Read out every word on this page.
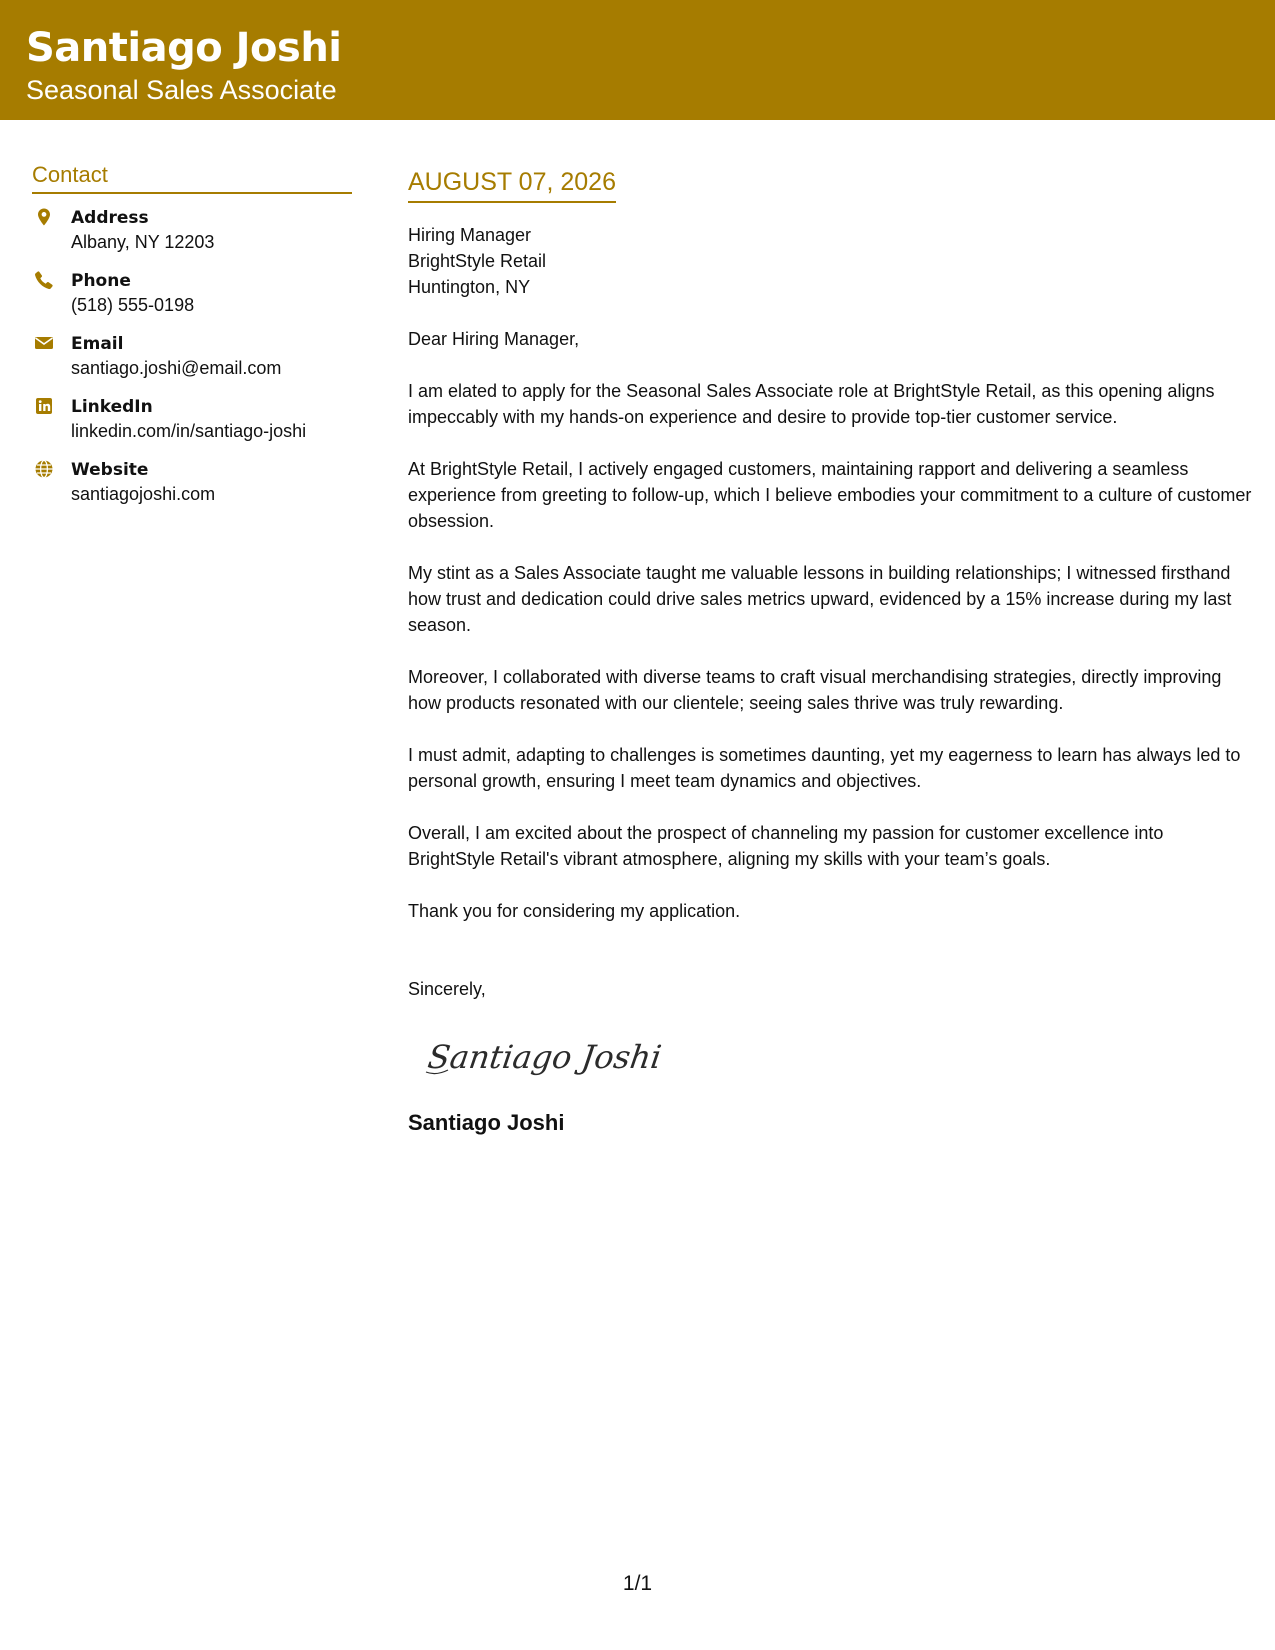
Santiago Joshi
Seasonal Sales Associate
Contact
Address
Albany, NY 12203
Phone
(518) 555-0198
Email
santiago.joshi@email.com
LinkedIn
linkedin.com/in/santiago-joshi
Website
santiagojoshi.com
AUGUST 07, 2026
Hiring Manager
BrightStyle Retail
Huntington, NY
Dear Hiring Manager,
I am elated to apply for the Seasonal Sales Associate role at BrightStyle Retail, as this opening aligns impeccably with my hands-on experience and desire to provide top-tier customer service.
At BrightStyle Retail, I actively engaged customers, maintaining rapport and delivering a seamless experience from greeting to follow-up, which I believe embodies your commitment to a culture of customer obsession.
My stint as a Sales Associate taught me valuable lessons in building relationships; I witnessed firsthand how trust and dedication could drive sales metrics upward, evidenced by a 15% increase during my last season.
Moreover, I collaborated with diverse teams to craft visual merchandising strategies, directly improving how products resonated with our clientele; seeing sales thrive was truly rewarding.
I must admit, adapting to challenges is sometimes daunting, yet my eagerness to learn has always led to personal growth, ensuring I meet team dynamics and objectives.
Overall, I am excited about the prospect of channeling my passion for customer excellence into BrightStyle Retail's vibrant atmosphere, aligning my skills with your team’s goals.
Thank you for considering my application.
Sincerely,
Santiago Joshi
Santiago Joshi
1/1
